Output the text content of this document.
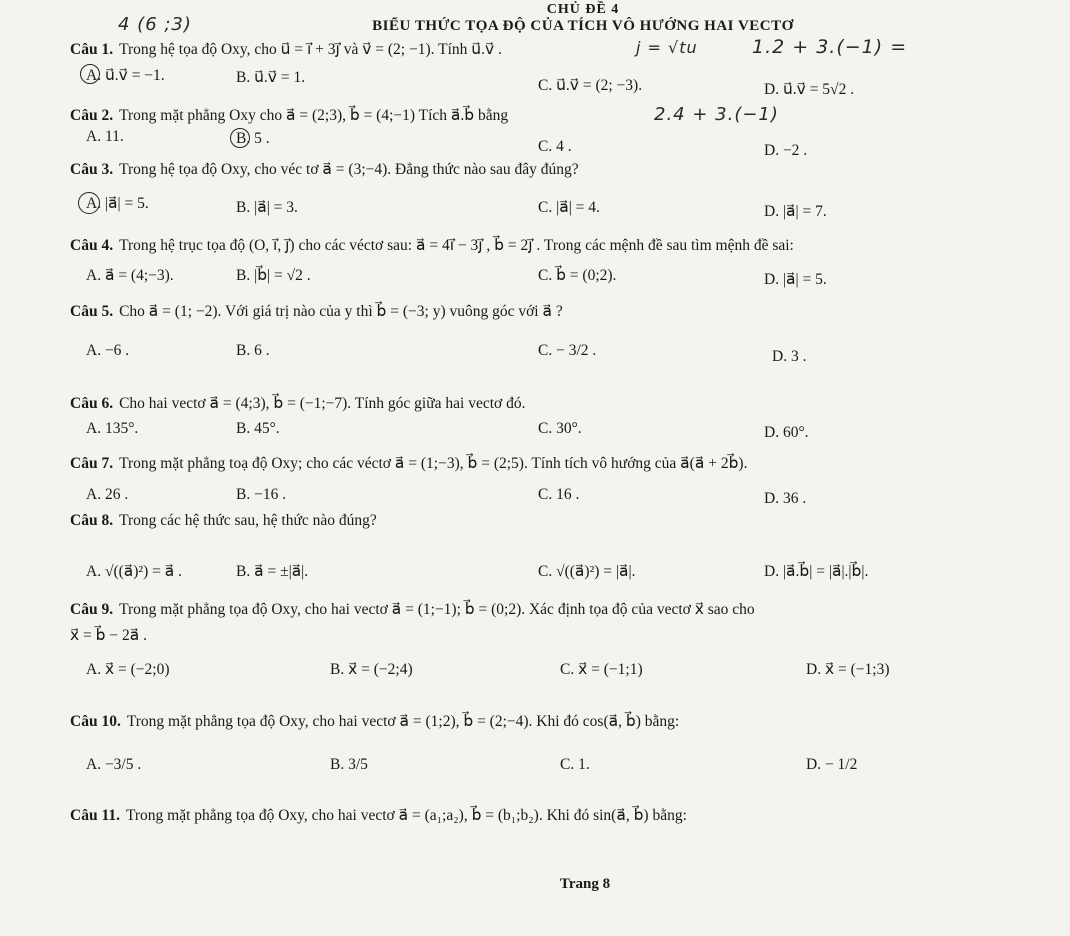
CHỦ ĐỀ 4
BIỂU THỨC TỌA ĐỘ CỦA TÍCH VÔ HƯỚNG HAI VECTƠ
4 (6 ;3)
j = √tu	1.2 + 3.(−1) =
2.4 + 3.(−1)
Câu 1. Trong hệ tọa độ Oxy, cho u⃗ = i⃗ + 3j⃗ và v⃗ = (2; −1). Tính u⃗.v⃗ .
A. u⃗.v⃗ = −1.	B. u⃗.v⃗ = 1.	C. u⃗.v⃗ = (2; −3).	D. u⃗.v⃗ = 5√2 .
Câu 2. Trong mặt phẳng Oxy cho a⃗ = (2;3), b⃗ = (4;−1) Tích a⃗.b⃗ bằng
A. 11.	B. 5 .	C. 4 .	D. −2 .
Câu 3. Trong hệ tọa độ Oxy, cho véc tơ a⃗ = (3;−4). Đẳng thức nào sau đây đúng?
A. |a⃗| = 5.	B. |a⃗| = 3.	C. |a⃗| = 4.	D. |a⃗| = 7.
Câu 4. Trong hệ trục tọa độ (O, i⃗, j⃗) cho các véctơ sau: a⃗ = 4i⃗ − 3j⃗ , b⃗ = 2j⃗ . Trong các mệnh đề sau tìm mệnh đề sai:
A. a⃗ = (4;−3).	B. |b⃗| = √2 .	C. b⃗ = (0;2).	D. |a⃗| = 5.
Câu 5. Cho a⃗ = (1; −2). Với giá trị nào của y thì b⃗ = (−3; y) vuông góc với a⃗ ?
A. −6 .	B. 6 .	C. − 3/2 .	D. 3 .
Câu 6. Cho hai vectơ a⃗ = (4;3), b⃗ = (−1;−7). Tính góc giữa hai vectơ đó.
A. 135°.	B. 45°.	C. 30°.	D. 60°.
Câu 7. Trong mặt phẳng toạ độ Oxy; cho các véctơ a⃗ = (1;−3), b⃗ = (2;5). Tính tích vô hướng của a⃗(a⃗ + 2b⃗).
A. 26 .	B. −16 .	C. 16 .	D. 36 .
Câu 8. Trong các hệ thức sau, hệ thức nào đúng?
A. √((a⃗)²) = a⃗ .	B. a⃗ = ±|a⃗|.	C. √((a⃗)²) = |a⃗|.	D. |a⃗.b⃗| = |a⃗|.|b⃗|.
Câu 9. Trong mặt phẳng tọa độ Oxy, cho hai vectơ a⃗ = (1;−1); b⃗ = (0;2). Xác định tọa độ của vectơ x⃗ sao cho
x⃗ = b⃗ − 2a⃗ .
A. x⃗ = (−2;0)	B. x⃗ = (−2;4)	C. x⃗ = (−1;1)	D. x⃗ = (−1;3)
Câu 10. Trong mặt phẳng tọa độ Oxy, cho hai vectơ a⃗ = (1;2), b⃗ = (2;−4). Khi đó cos(a⃗, b⃗) bằng:
A. −3/5 .	B. 3/5	C. 1.	D. − 1/2
Câu 11. Trong mặt phẳng tọa độ Oxy, cho hai vectơ a⃗ = (a₁;a₂), b⃗ = (b₁;b₂). Khi đó sin(a⃗, b⃗) bằng:
Trang 8
